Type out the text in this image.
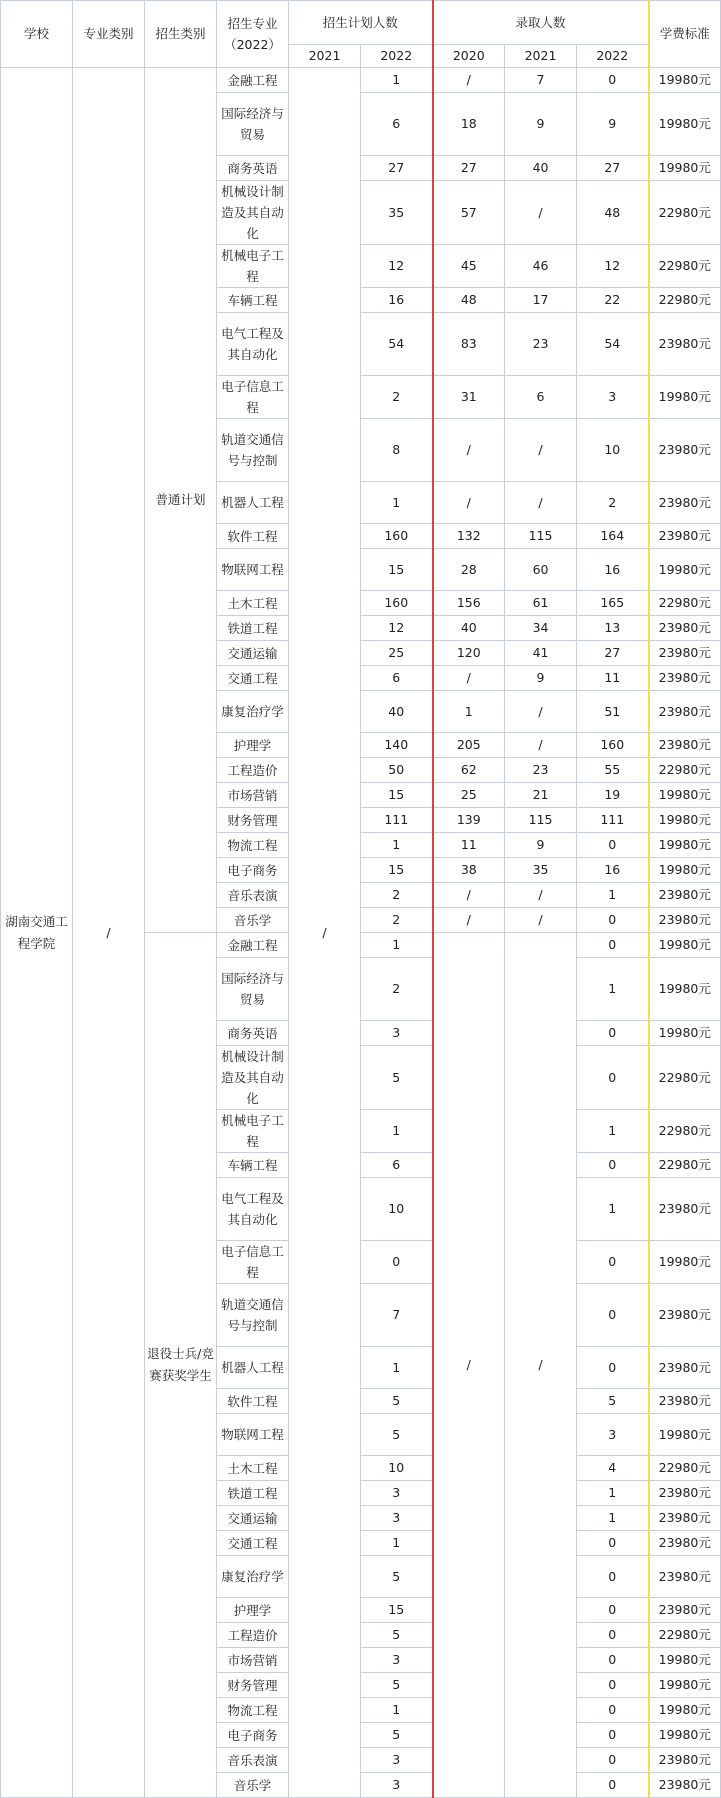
学校	专业类别	招生类别	招生专业（2022）	招生计划人数		录取人数			学费标准
				2021	2022	2020	2021	2022	
湖南交通工程学院	/	普通计划	金融工程	/	1	/	7	0	19980元
			国际经济与贸易		6	18	9	9	19980元
			商务英语		27	27	40	27	19980元
			机械设计制造及其自动化		35	57	/	48	22980元
			机械电子工程		12	45	46	12	22980元
			车辆工程		16	48	17	22	22980元
			电气工程及其自动化		54	83	23	54	23980元
			电子信息工程		2	31	6	3	19980元
			轨道交通信号与控制		8	/	/	10	23980元
			机器人工程		1	/	/	2	23980元
			软件工程		160	132	115	164	23980元
			物联网工程		15	28	60	16	19980元
			土木工程		160	156	61	165	22980元
			铁道工程		12	40	34	13	23980元
			交通运输		25	120	41	27	23980元
			交通工程		6	/	9	11	23980元
			康复治疗学		40	1	/	51	23980元
			护理学		140	205	/	160	23980元
			工程造价		50	62	23	55	22980元
			市场营销		15	25	21	19	19980元
			财务管理		111	139	115	111	19980元
			物流工程		1	11	9	0	19980元
			电子商务		15	38	35	16	19980元
			音乐表演		2	/	/	1	23980元
			音乐学		2	/	/	0	23980元
		退役士兵/竞赛获奖学生	金融工程		1	/	/	0	19980元
			国际经济与贸易		2			1	19980元
			商务英语		3			0	19980元
			机械设计制造及其自动化		5			0	22980元
			机械电子工程		1			1	22980元
			车辆工程		6			0	22980元
			电气工程及其自动化		10			1	23980元
			电子信息工程		0			0	19980元
			轨道交通信号与控制		7			0	23980元
			机器人工程		1			0	23980元
			软件工程		5			5	23980元
			物联网工程		5			3	19980元
			土木工程		10			4	22980元
			铁道工程		3			1	23980元
			交通运输		3			1	23980元
			交通工程		1			0	23980元
			康复治疗学		5			0	23980元
			护理学		15			0	23980元
			工程造价		5			0	22980元
			市场营销		3			0	19980元
			财务管理		5			0	19980元
			物流工程		1			0	19980元
			电子商务		5			0	19980元
			音乐表演		3			0	23980元
			音乐学		3			0	23980元
